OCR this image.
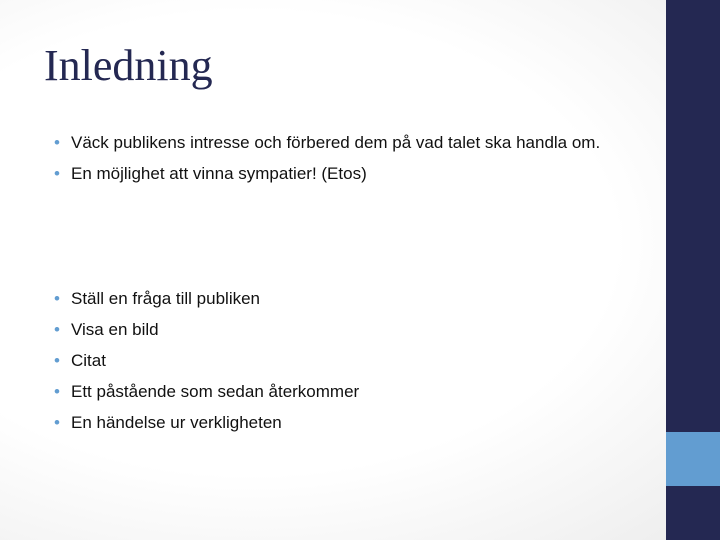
Inledning
• Väck publikens intresse och förbered dem på vad talet ska handla om.
• En möjlighet att vinna sympatier! (Etos)
• Ställ en fråga till publiken
• Visa en bild
• Citat
• Ett påstående som sedan återkommer
• En händelse ur verkligheten
